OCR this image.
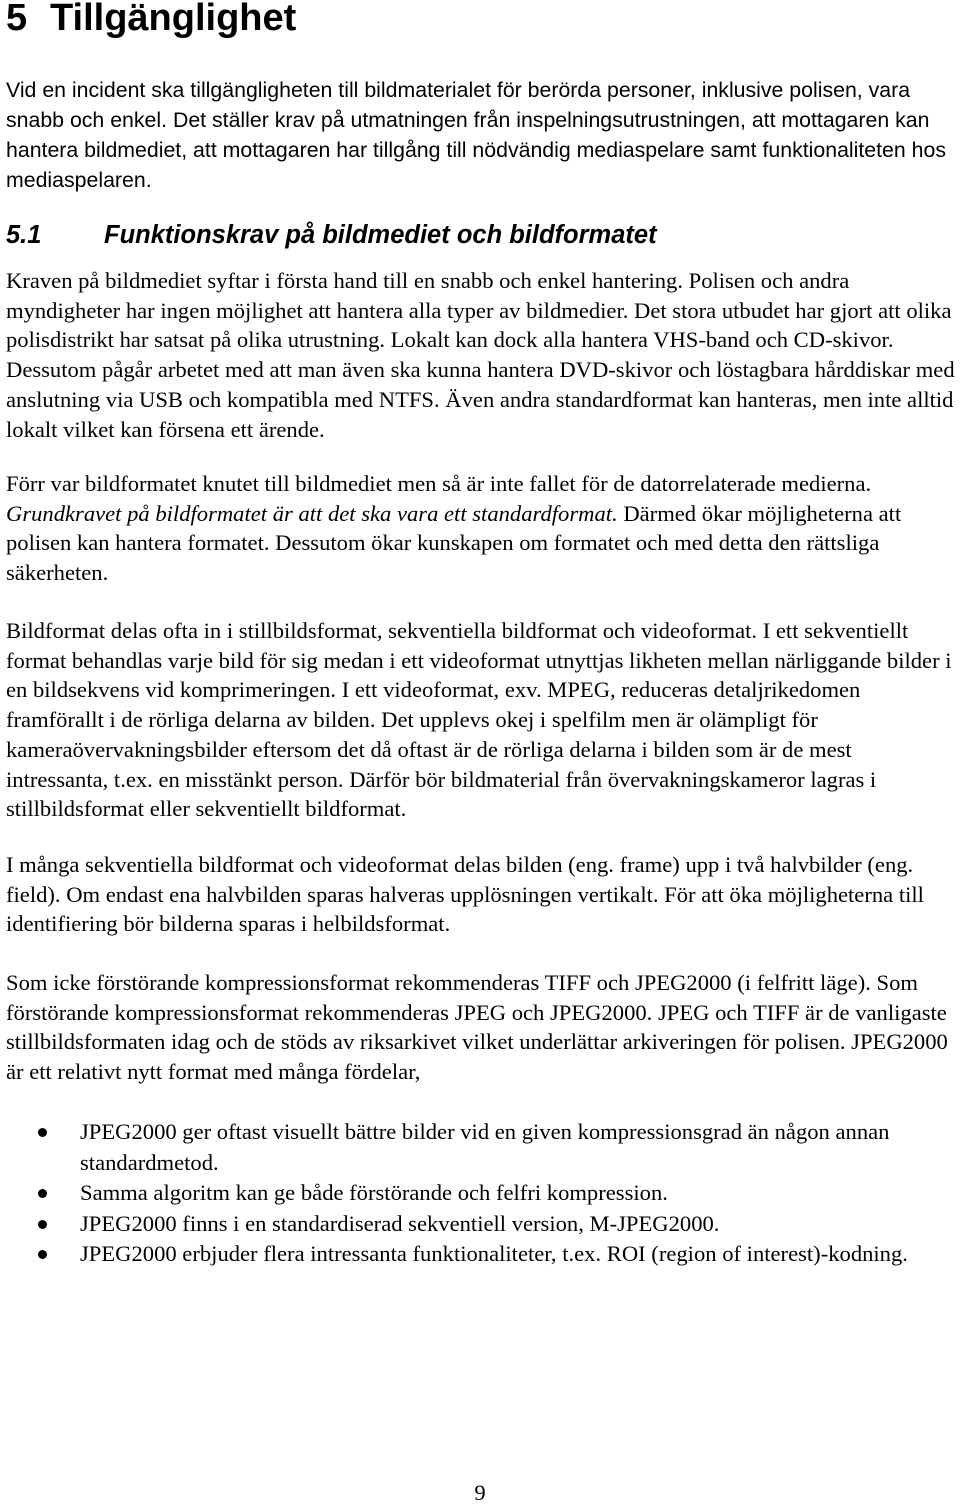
5 Tillgänglighet

Vid en incident ska tillgängligheten till bildmaterialet för berörda personer, inklusive polisen, vara snabb och enkel. Det ställer krav på utmatningen från inspelningsutrustningen, att mottagaren kan hantera bildmediet, att mottagaren har tillgång till nödvändig mediaspelare samt funktionaliteten hos mediaspelaren.

5.1 Funktionskrav på bildmediet och bildformatet

Kraven på bildmediet syftar i första hand till en snabb och enkel hantering. Polisen och andra myndigheter har ingen möjlighet att hantera alla typer av bildmedier. Det stora utbudet har gjort att olika polisdistrikt har satsat på olika utrustning. Lokalt kan dock alla hantera VHS-band och CD-skivor. Dessutom pågår arbetet med att man även ska kunna hantera DVD-skivor och löstagbara hårddiskar med anslutning via USB och kompatibla med NTFS. Även andra standardformat kan hanteras, men inte alltid lokalt vilket kan försena ett ärende.

Förr var bildformatet knutet till bildmediet men så är inte fallet för de datorrelaterade medierna. Grundkravet på bildformatet är att det ska vara ett standardformat. Därmed ökar möjligheterna att polisen kan hantera formatet. Dessutom ökar kunskapen om formatet och med detta den rättsliga säkerheten.

Bildformat delas ofta in i stillbildsformat, sekventiella bildformat och videoformat. I ett sekventiellt format behandlas varje bild för sig medan i ett videoformat utnyttjas likheten mellan närliggande bilder i en bildsekvens vid komprimeringen. I ett videoformat, exv. MPEG, reduceras detaljrikedomen framförallt i de rörliga delarna av bilden. Det upplevs okej i spelfilm men är olämpligt för kameraövervakningsbilder eftersom det då oftast är de rörliga delarna i bilden som är de mest intressanta, t.ex. en misstänkt person. Därför bör bildmaterial från övervakningskameror lagras i stillbildsformat eller sekventiellt bildformat.

I många sekventiella bildformat och videoformat delas bilden (eng. frame) upp i två halvbilder (eng. field). Om endast ena halvbilden sparas halveras upplösningen vertikalt. För att öka möjligheterna till identifiering bör bilderna sparas i helbildsformat.

Som icke förstörande kompressionsformat rekommenderas TIFF och JPEG2000 (i felfritt läge). Som förstörande kompressionsformat rekommenderas JPEG och JPEG2000. JPEG och TIFF är de vanligaste stillbildsformaten idag och de stöds av riksarkivet vilket underlättar arkiveringen för polisen. JPEG2000 är ett relativt nytt format med många fördelar,

JPEG2000 ger oftast visuellt bättre bilder vid en given kompressionsgrad än någon annan standardmetod.
Samma algoritm kan ge både förstörande och felfri kompression.
JPEG2000 finns i en standardiserad sekventiell version, M-JPEG2000.
JPEG2000 erbjuder flera intressanta funktionaliteter, t.ex. ROI (region of interest)-kodning.
9
